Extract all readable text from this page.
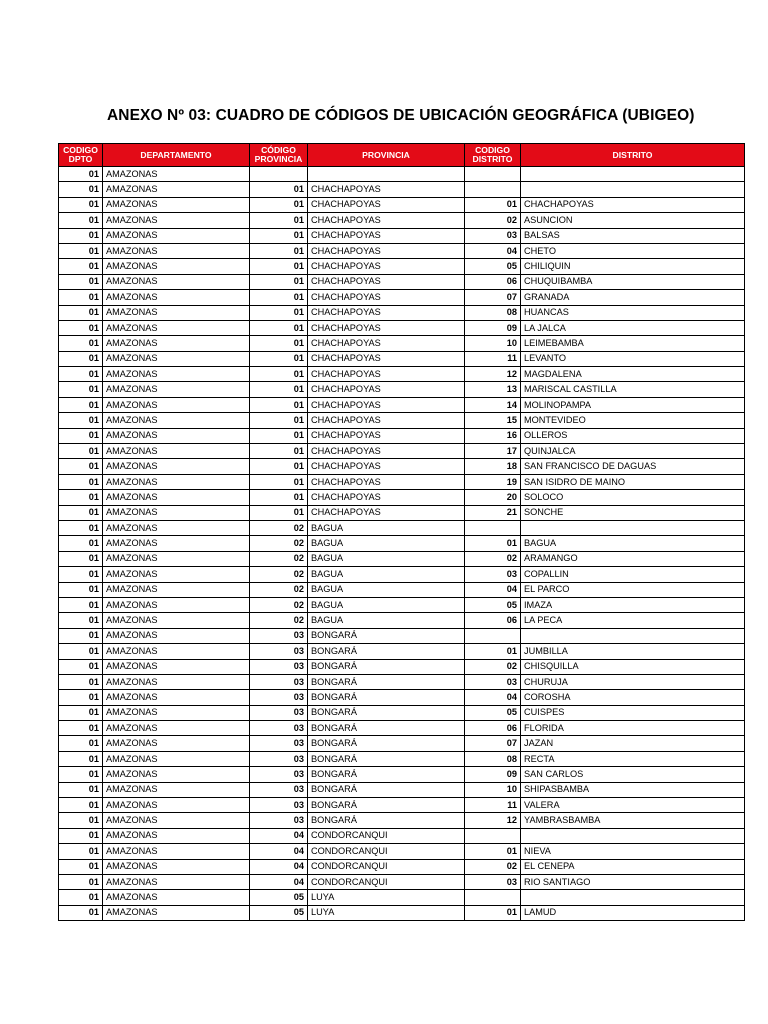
ANEXO Nº 03: CUADRO DE CÓDIGOS DE UBICACIÓN GEOGRÁFICA (UBIGEO)
CODIGO DPTO	DEPARTAMENTO	CÓDIGO PROVINCIA	PROVINCIA	CODIGO DISTRITO	DISTRITO
01	AMAZONAS				
01	AMAZONAS	01	CHACHAPOYAS		
01	AMAZONAS	01	CHACHAPOYAS	01	CHACHAPOYAS
01	AMAZONAS	01	CHACHAPOYAS	02	ASUNCION
01	AMAZONAS	01	CHACHAPOYAS	03	BALSAS
01	AMAZONAS	01	CHACHAPOYAS	04	CHETO
01	AMAZONAS	01	CHACHAPOYAS	05	CHILIQUIN
01	AMAZONAS	01	CHACHAPOYAS	06	CHUQUIBAMBA
01	AMAZONAS	01	CHACHAPOYAS	07	GRANADA
01	AMAZONAS	01	CHACHAPOYAS	08	HUANCAS
01	AMAZONAS	01	CHACHAPOYAS	09	LA JALCA
01	AMAZONAS	01	CHACHAPOYAS	10	LEIMEBAMBA
01	AMAZONAS	01	CHACHAPOYAS	11	LEVANTO
01	AMAZONAS	01	CHACHAPOYAS	12	MAGDALENA
01	AMAZONAS	01	CHACHAPOYAS	13	MARISCAL CASTILLA
01	AMAZONAS	01	CHACHAPOYAS	14	MOLINOPAMPA
01	AMAZONAS	01	CHACHAPOYAS	15	MONTEVIDEO
01	AMAZONAS	01	CHACHAPOYAS	16	OLLEROS
01	AMAZONAS	01	CHACHAPOYAS	17	QUINJALCA
01	AMAZONAS	01	CHACHAPOYAS	18	SAN FRANCISCO DE DAGUAS
01	AMAZONAS	01	CHACHAPOYAS	19	SAN ISIDRO DE MAINO
01	AMAZONAS	01	CHACHAPOYAS	20	SOLOCO
01	AMAZONAS	01	CHACHAPOYAS	21	SONCHE
01	AMAZONAS	02	BAGUA		
01	AMAZONAS	02	BAGUA	01	BAGUA
01	AMAZONAS	02	BAGUA	02	ARAMANGO
01	AMAZONAS	02	BAGUA	03	COPALLIN
01	AMAZONAS	02	BAGUA	04	EL PARCO
01	AMAZONAS	02	BAGUA	05	IMAZA
01	AMAZONAS	02	BAGUA	06	LA PECA
01	AMAZONAS	03	BONGARÁ		
01	AMAZONAS	03	BONGARÁ	01	JUMBILLA
01	AMAZONAS	03	BONGARÁ	02	CHISQUILLA
01	AMAZONAS	03	BONGARÁ	03	CHURUJA
01	AMAZONAS	03	BONGARÁ	04	COROSHA
01	AMAZONAS	03	BONGARÁ	05	CUISPES
01	AMAZONAS	03	BONGARÁ	06	FLORIDA
01	AMAZONAS	03	BONGARÁ	07	JAZAN
01	AMAZONAS	03	BONGARÁ	08	RECTA
01	AMAZONAS	03	BONGARÁ	09	SAN CARLOS
01	AMAZONAS	03	BONGARÁ	10	SHIPASBAMBA
01	AMAZONAS	03	BONGARÁ	11	VALERA
01	AMAZONAS	03	BONGARÁ	12	YAMBRASBAMBA
01	AMAZONAS	04	CONDORCANQUI		
01	AMAZONAS	04	CONDORCANQUI	01	NIEVA
01	AMAZONAS	04	CONDORCANQUI	02	EL CENEPA
01	AMAZONAS	04	CONDORCANQUI	03	RIO SANTIAGO
01	AMAZONAS	05	LUYA		
01	AMAZONAS	05	LUYA	01	LAMUD
